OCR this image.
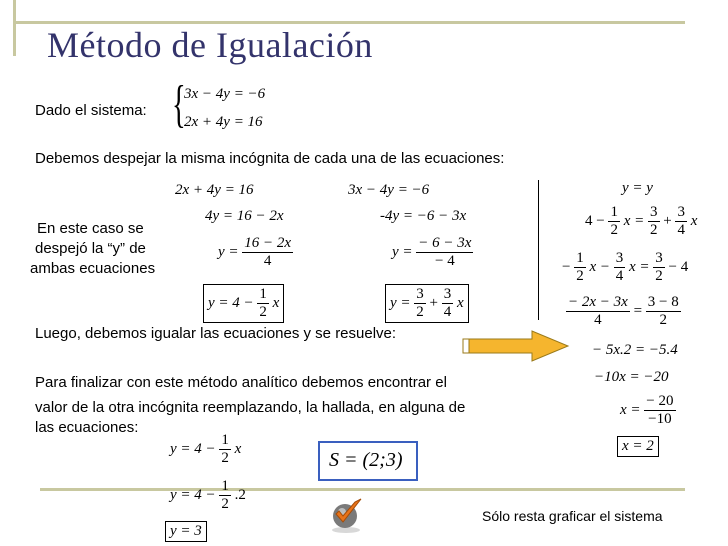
Método de Igualación
Dado el sistema: {
3x − 4y = −6
2x + 4y = 16
Debemos despejar la misma incógnita de cada una de las ecuaciones:
En este caso se
despejó la “y” de
ambas ecuaciones
2x + 4y = 16
4y = 16 − 2x
$y = \frac{16 - 2x}{4}$
$y = 4 - \frac{1}{2}$ x
3x − 4y = −6
-4y = −6 − 3x
$y = \frac{- 6 - 3x}{- 4}$
$y = \frac{3}{2} + \frac{3}{4}$ x
y = y
$4 - \frac{1}{2}$ $x = \frac{3}{2} + \frac{3}{4}$ x
− $\frac{1}{2}$ $x - \frac{3}{4}$ $x = \frac{3}{2} - 4$
$\frac{- 2x - 3x}{4} = \frac{3 - 8}{2}$
− 5x.2 = −5.4
−10x = −20
$x = \frac{- 20}{-10}$
x = 2
Luego, debemos igualar las ecuaciones y se resuelve:
Para finalizar con este método analítico debemos encontrar el
valor de la otra incógnita reemplazando, la hallada, en alguna de
las ecuaciones:
$y = 4 - \frac{1}{2}$ x
$y = 4 - \frac{1}{2} .2$
y = 3
S = (2;3)
Sólo resta graficar el sistema
